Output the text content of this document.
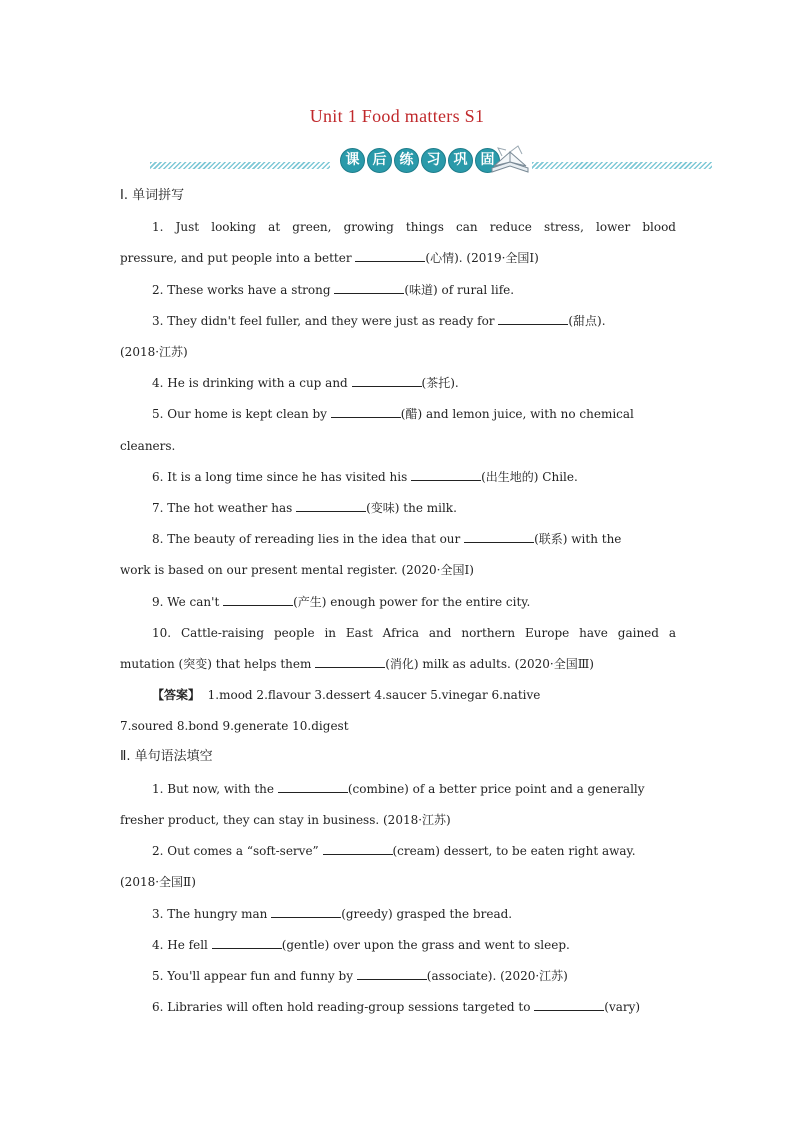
Unit 1 Food matters S1
课 后 练 习 巩 固
Ⅰ. 单词拼写
1. Just looking at green, growing things can reduce stress, lower blood
pressure, and put people into a better	(心情). (2019·全国Ⅰ)
2. These works have a strong	(味道) of rural life.
3. They didn't feel fuller, and they were just as ready for	(甜点).
(2018·江苏)
4. He is drinking with a cup and	(茶托).
5. Our home is kept clean by	(醋) and lemon juice, with no chemical
cleaners.
6. It is a long time since he has visited his	(出生地的) Chile.
7. The hot weather has	(变味) the milk.
8. The beauty of rereading lies in the idea that our	(联系) with the
work is based on our present mental register. (2020·全国Ⅰ)
9. We can't	(产生) enough power for the entire city.
10. Cattle-raising people in East Africa and northern Europe have gained a
mutation (突变) that helps them	(消化) milk as adults. (2020·全国Ⅲ)
【答案】 1.mood 2.flavour 3.dessert 4.saucer 5.vinegar 6.native
7.soured 8.bond 9.generate 10.digest
Ⅱ. 单句语法填空
1. But now, with the	(combine) of a better price point and a generally
fresher product, they can stay in business. (2018·江苏)
2. Out comes a “soft-serve”	(cream) dessert, to be eaten right away.
(2018·全国Ⅱ)
3. The hungry man	(greedy) grasped the bread.
4. He fell	(gentle) over upon the grass and went to sleep.
5. You'll appear fun and funny by	(associate). (2020·江苏)
6. Libraries will often hold reading-group sessions targeted to	(vary)
